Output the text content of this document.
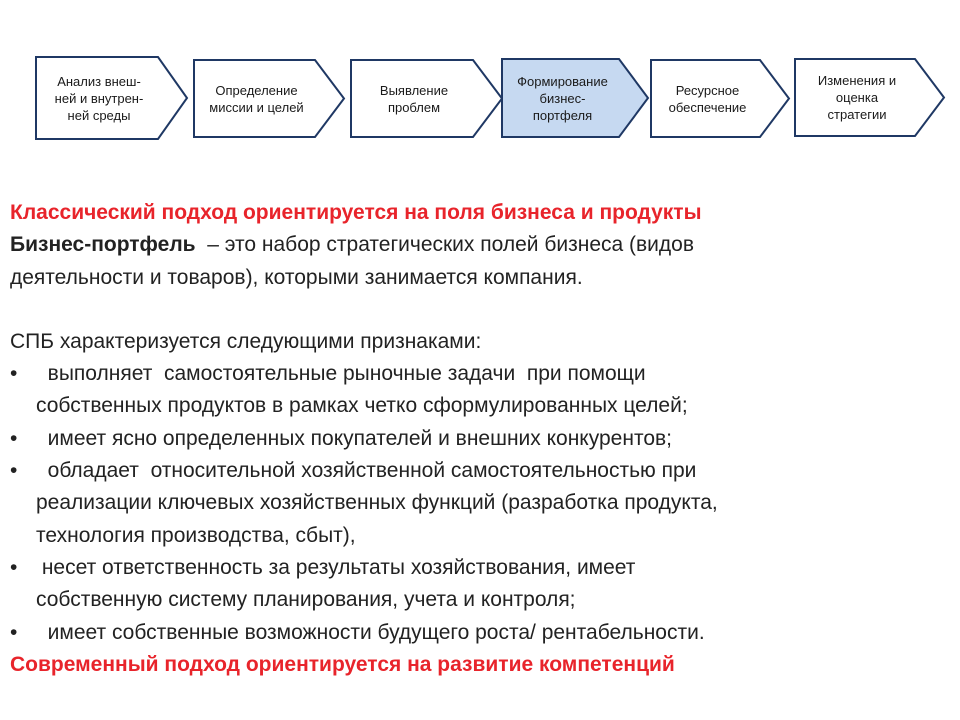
Анализ внеш-
ней и внутрен-
ней среды
Определение
миссии и целей
Выявление
проблем
Формирование
бизнес-
портфеля
Ресурсное
обеспечение
Изменения и
оценка
стратегии
Классический подход ориентируется на поля бизнеса и продукты
Бизнес-портфель  – это набор стратегических полей бизнеса (видов
деятельности и товаров), которыми занимается компания.
СПБ характеризуется следующими признаками:
• выполняет  самостоятельные рыночные задачи  при помощи
собственных продуктов в рамках четко сформулированных целей;
• имеет ясно определенных покупателей и внешних конкурентов;
• обладает  относительной хозяйственной самостоятельностью при
реализации ключевых хозяйственных функций (разработка продукта,
технология производства, сбыт),
• несет ответственность за результаты хозяйствования, имеет
собственную систему планирования, учета и контроля;
• имеет собственные возможности будущего роста/ рентабельности.
Современный подход ориентируется на развитие компетенций
